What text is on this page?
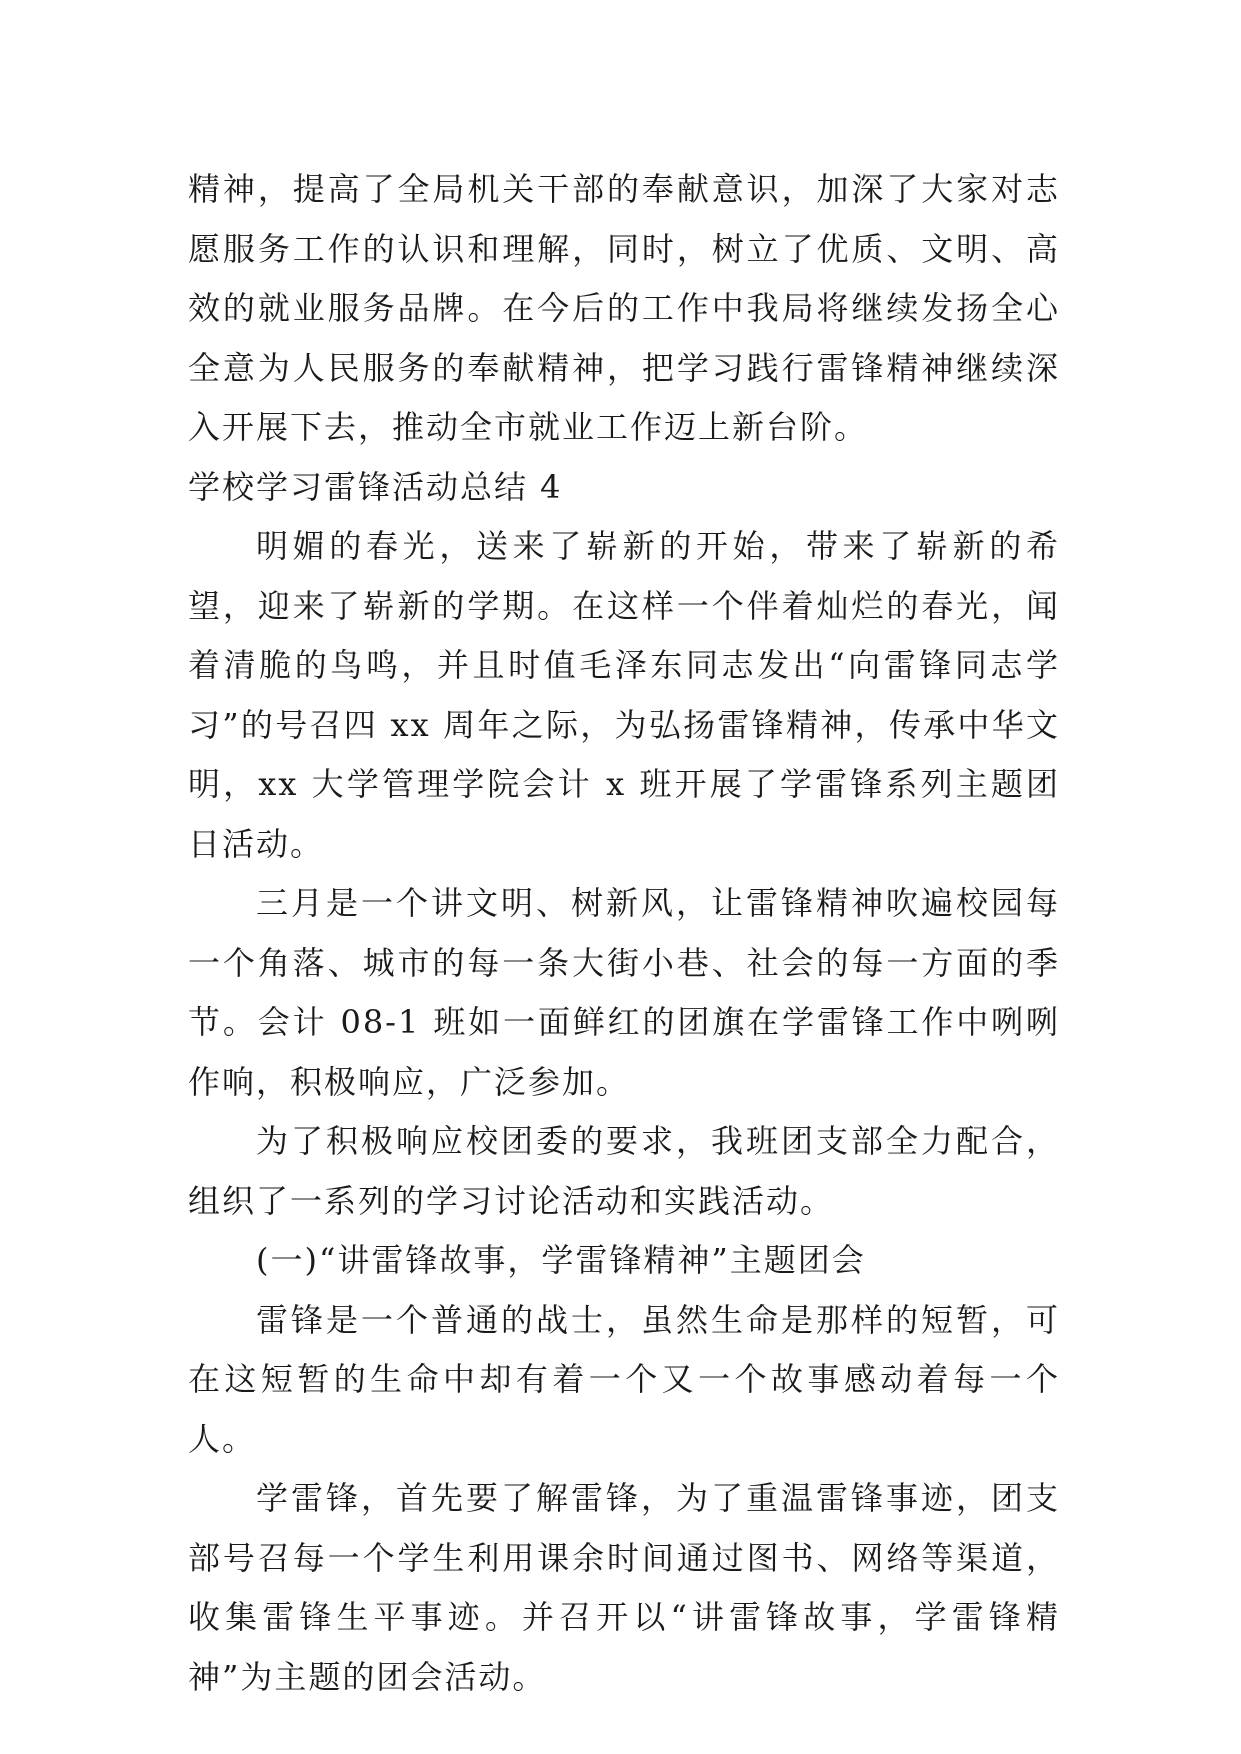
精神，提高了全局机关干部的奉献意识，加深了大家对志愿服务工作的认识和理解，同时，树立了优质、文明、高效的就业服务品牌。在今后的工作中我局将继续发扬全心全意为人民服务的奉献精神，把学习践行雷锋精神继续深入开展下去，推动全市就业工作迈上新台阶。

学校学习雷锋活动总结 4

明媚的春光，送来了崭新的开始，带来了崭新的希望，迎来了崭新的学期。在这样一个伴着灿烂的春光，闻着清脆的鸟鸣，并且时值毛泽东同志发出“向雷锋同志学习”的号召四 xx 周年之际，为弘扬雷锋精神，传承中华文明，xx 大学管理学院会计 x 班开展了学雷锋系列主题团日活动。

三月是一个讲文明、树新风，让雷锋精神吹遍校园每一个角落、城市的每一条大街小巷、社会的每一方面的季节。会计 08-1 班如一面鲜红的团旗在学雷锋工作中咧咧作响，积极响应，广泛参加。

为了积极响应校团委的要求，我班团支部全力配合，组织了一系列的学习讨论活动和实践活动。

(一)“讲雷锋故事，学雷锋精神”主题团会

雷锋是一个普通的战士，虽然生命是那样的短暂，可在这短暂的生命中却有着一个又一个故事感动着每一个人。

学雷锋，首先要了解雷锋，为了重温雷锋事迹，团支部号召每一个学生利用课余时间通过图书、网络等渠道，收集雷锋生平事迹。并召开以“讲雷锋故事，学雷锋精神”为主题的团会活动。
